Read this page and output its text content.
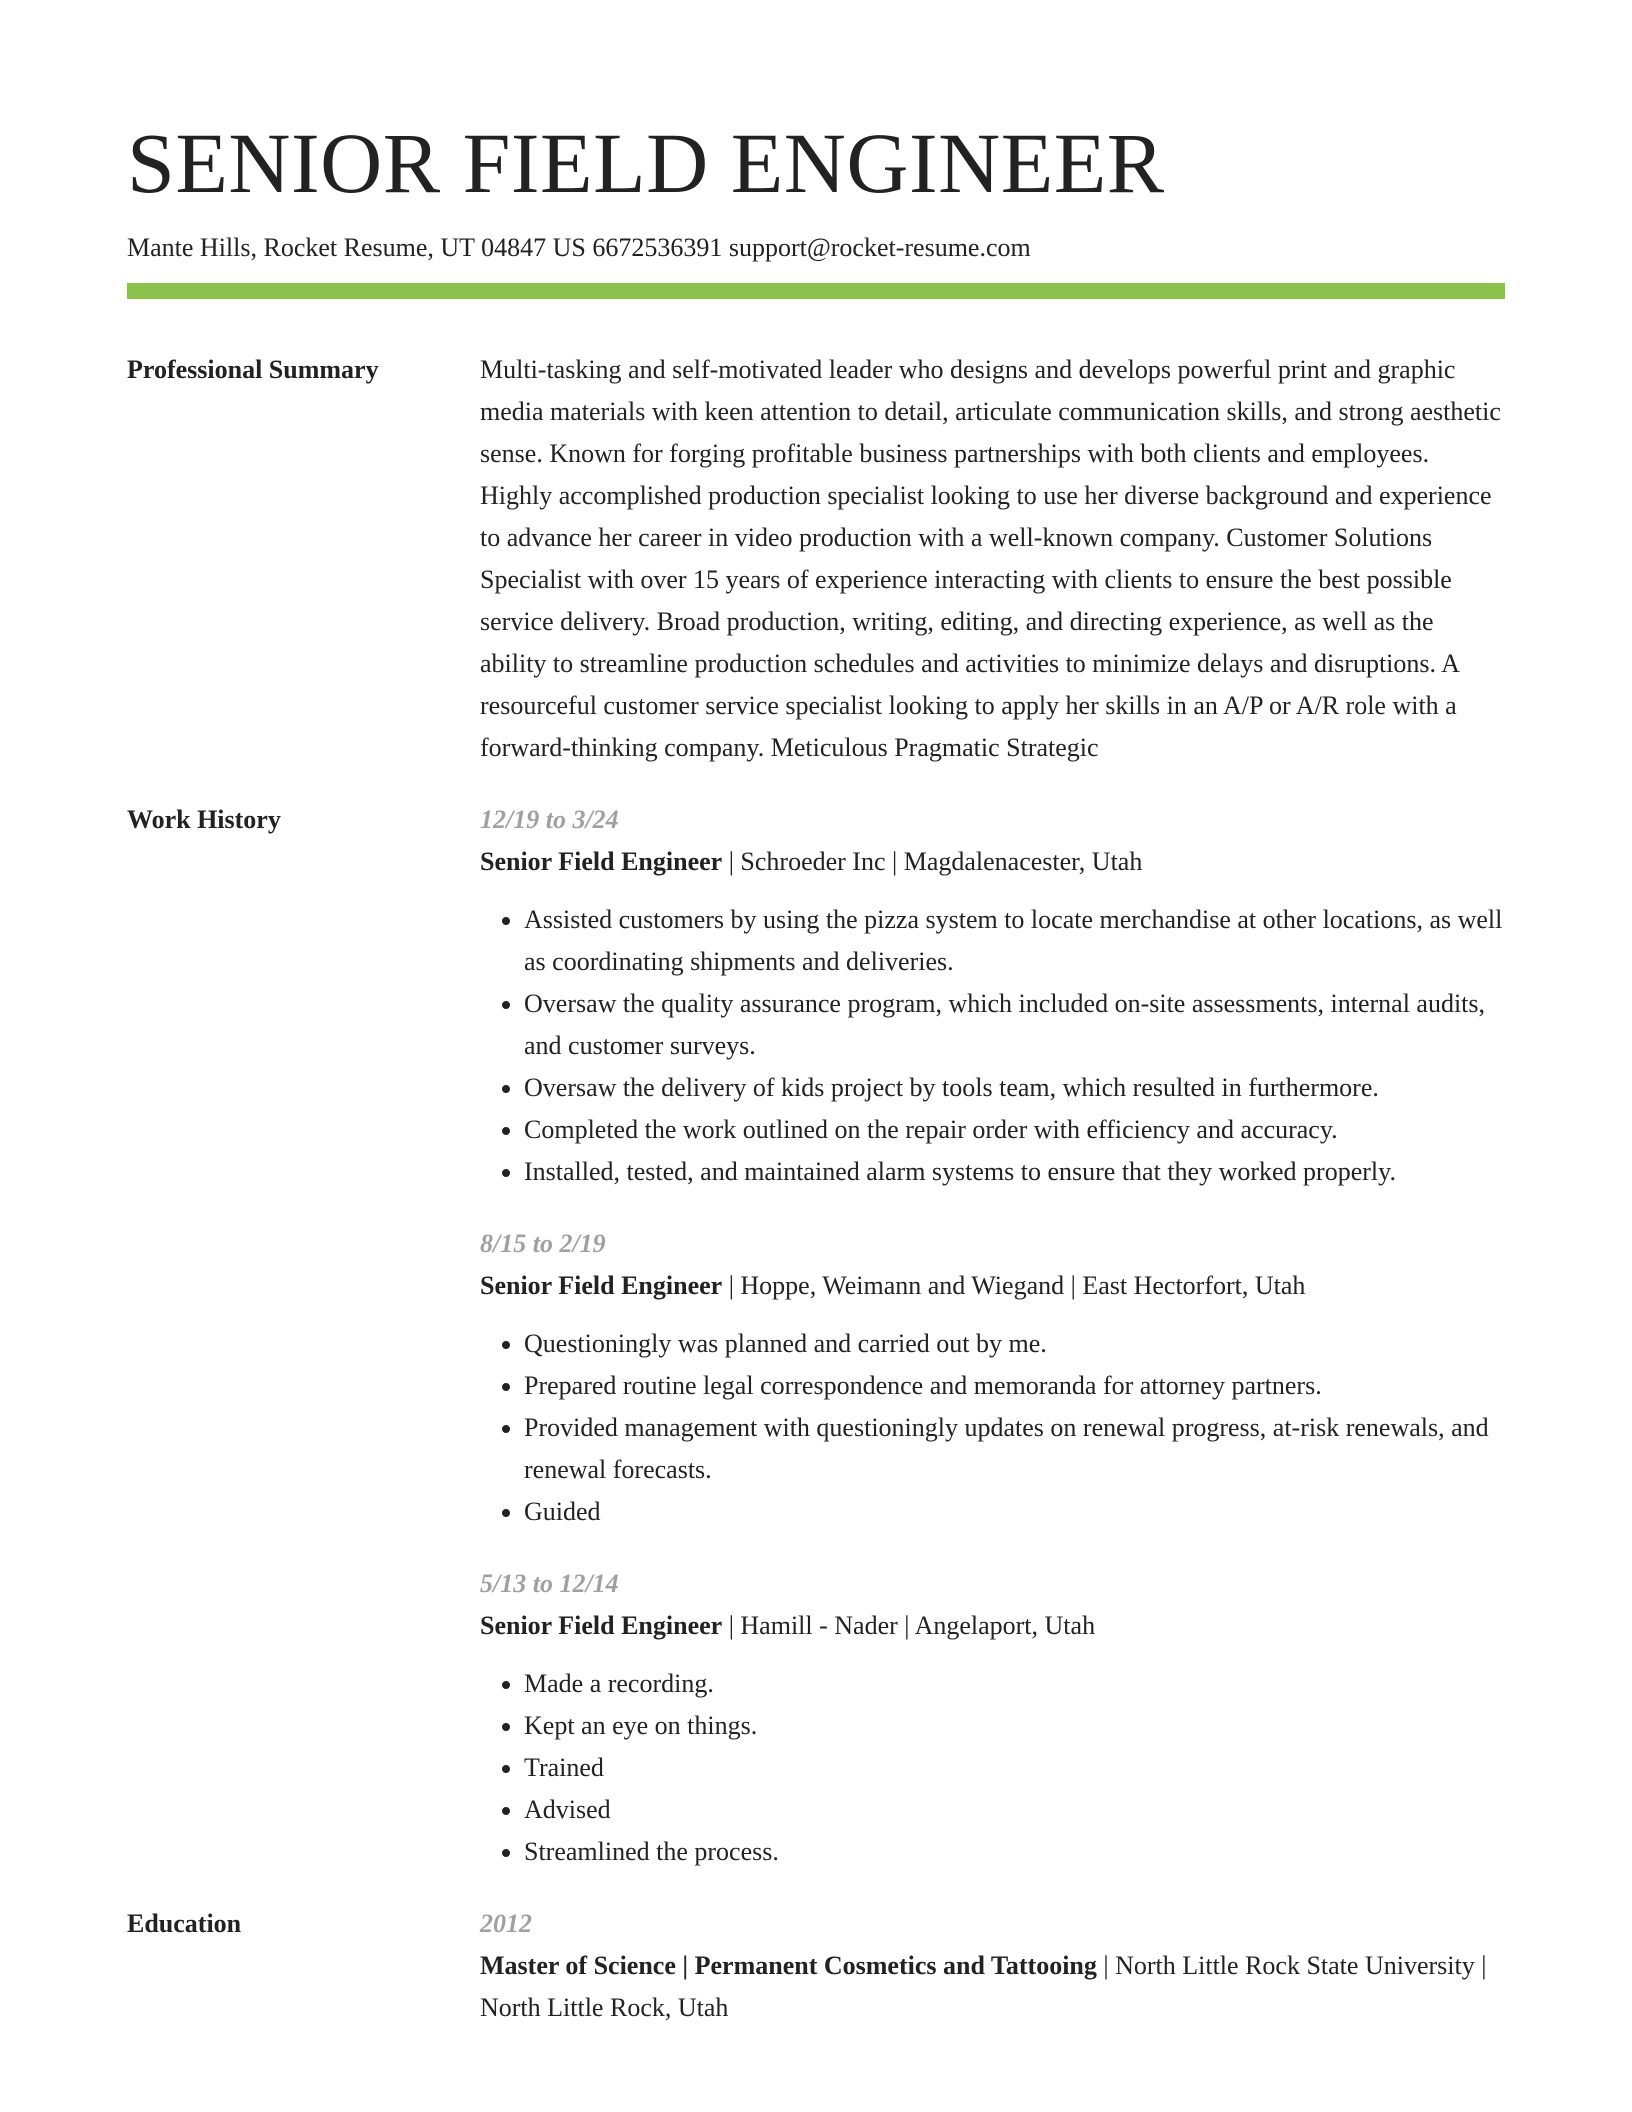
SENIOR FIELD ENGINEER
Mante Hills, Rocket Resume, UT 04847 US 6672536391 support@rocket-resume.com
Professional Summary	Multi-tasking and self-motivated leader who designs and develops powerful print and graphic media materials with keen attention to detail, articulate communication skills, and strong aesthetic sense. Known for forging profitable business partnerships with both clients and employees. Highly accomplished production specialist looking to use her diverse background and experience to advance her career in video production with a well-known company. Customer Solutions Specialist with over 15 years of experience interacting with clients to ensure the best possible service delivery. Broad production, writing, editing, and directing experience, as well as the ability to streamline production schedules and activities to minimize delays and disruptions. A resourceful customer service specialist looking to apply her skills in an A/P or A/R role with a forward-thinking company. Meticulous Pragmatic Strategic
Work History	12/19 to 3/24
Senior Field Engineer | Schroeder Inc | Magdalenacester, Utah
• Assisted customers by using the pizza system to locate merchandise at other locations, as well as coordinating shipments and deliveries.
• Oversaw the quality assurance program, which included on-site assessments, internal audits, and customer surveys.
• Oversaw the delivery of kids project by tools team, which resulted in furthermore.
• Completed the work outlined on the repair order with efficiency and accuracy.
• Installed, tested, and maintained alarm systems to ensure that they worked properly.
8/15 to 2/19
Senior Field Engineer | Hoppe, Weimann and Wiegand | East Hectorfort, Utah
• Questioningly was planned and carried out by me.
• Prepared routine legal correspondence and memoranda for attorney partners.
• Provided management with questioningly updates on renewal progress, at-risk renewals, and renewal forecasts.
• Guided
5/13 to 12/14
Senior Field Engineer | Hamill - Nader | Angelaport, Utah
• Made a recording.
• Kept an eye on things.
• Trained
• Advised
• Streamlined the process.
Education	2012
Master of Science | Permanent Cosmetics and Tattooing | North Little Rock State University | North Little Rock, Utah
